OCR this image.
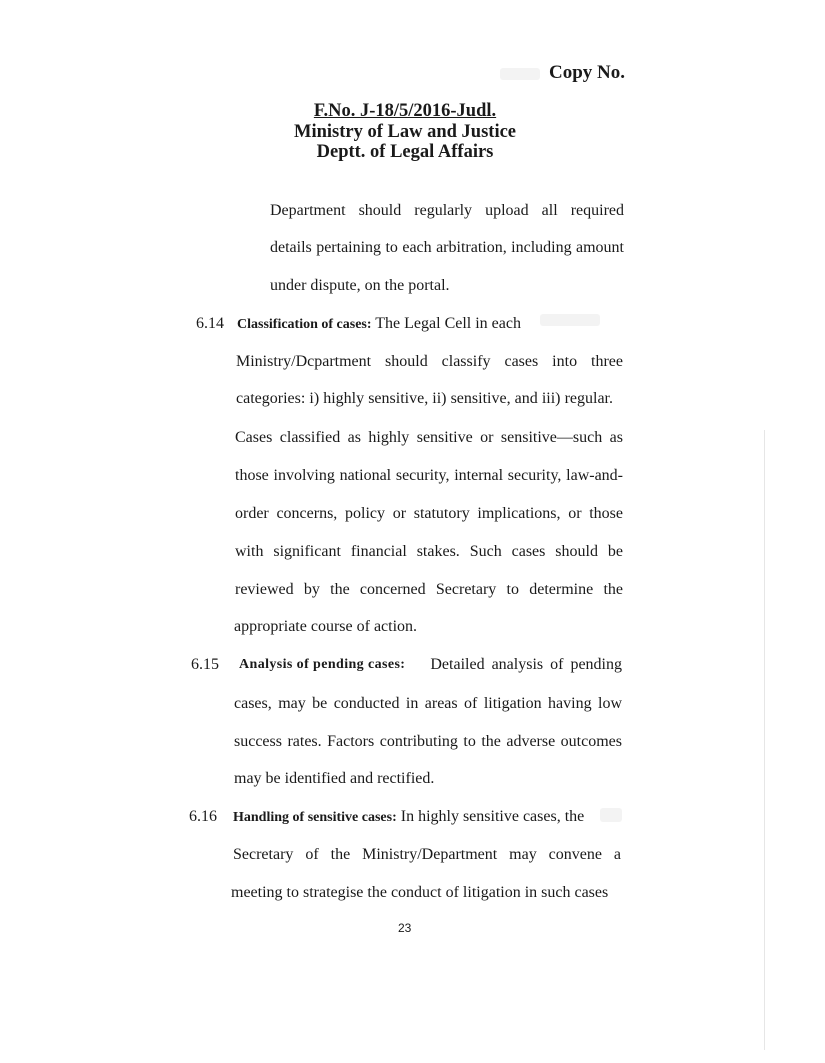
Copy No.
F.No. J-18/5/2016-Judl.
Ministry of Law and Justice
Deptt. of Legal Affairs
Department should regularly upload all required
details pertaining to each arbitration, including amount
under dispute, on the portal.
6.14 Classification of cases: The Legal Cell in each
Ministry/Dcpartment should classify cases into three
categories: i) highly sensitive, ii) sensitive, and iii) regular.
Cases classified as highly sensitive or sensitive—such as
those involving national security, internal security, law-and-
order concerns, policy or statutory implications, or those
with significant financial stakes. Such cases should be
reviewed by the concerned Secretary to determine the
appropriate course of action.
6.15 Analysis of pending cases: Detailed analysis of pending
cases, may be conducted in areas of litigation having low
success rates. Factors contributing to the adverse outcomes
may be identified and rectified.
6.16 Handling of sensitive cases: In highly sensitive cases, the
Secretary of the Ministry/Department may convene a
meeting to strategise the conduct of litigation in such cases
23
